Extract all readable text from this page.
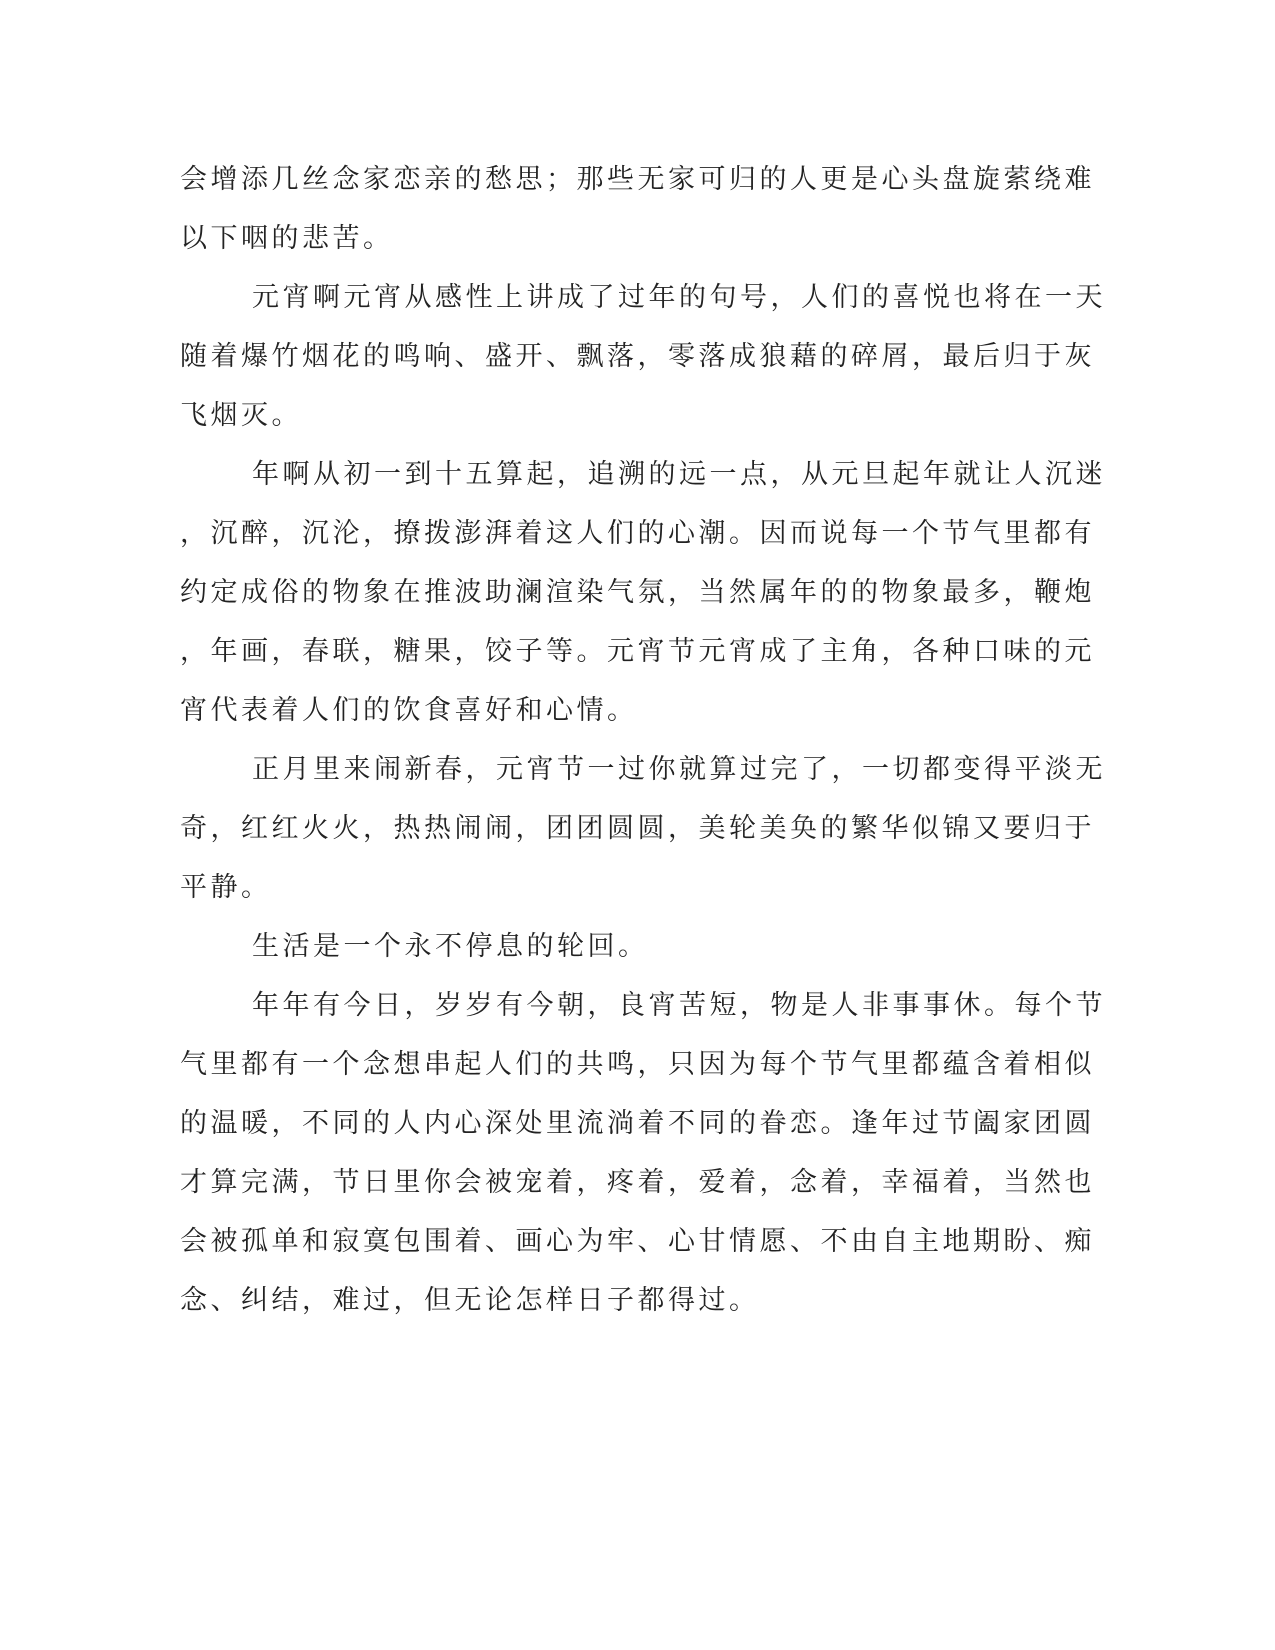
会增添几丝念家恋亲的愁思；那些无家可归的人更是心头盘旋萦绕难
以下咽的悲苦。
元宵啊元宵从感性上讲成了过年的句号，人们的喜悦也将在一天
随着爆竹烟花的鸣响、盛开、飘落，零落成狼藉的碎屑，最后归于灰
飞烟灭。
年啊从初一到十五算起，追溯的远一点，从元旦起年就让人沉迷
，沉醉，沉沦，撩拨澎湃着这人们的心潮。因而说每一个节气里都有
约定成俗的物象在推波助澜渲染气氛，当然属年的的物象最多，鞭炮
，年画，春联，糖果，饺子等。元宵节元宵成了主角，各种口味的元
宵代表着人们的饮食喜好和心情。
正月里来闹新春，元宵节一过你就算过完了，一切都变得平淡无
奇，红红火火，热热闹闹，团团圆圆，美轮美奂的繁华似锦又要归于
平静。
生活是一个永不停息的轮回。
年年有今日，岁岁有今朝，良宵苦短，物是人非事事休。每个节
气里都有一个念想串起人们的共鸣，只因为每个节气里都蕴含着相似
的温暖，不同的人内心深处里流淌着不同的眷恋。逢年过节阖家团圆
才算完满，节日里你会被宠着，疼着，爱着，念着，幸福着，当然也
会被孤单和寂寞包围着、画心为牢、心甘情愿、不由自主地期盼、痴
念、纠结，难过，但无论怎样日子都得过。
